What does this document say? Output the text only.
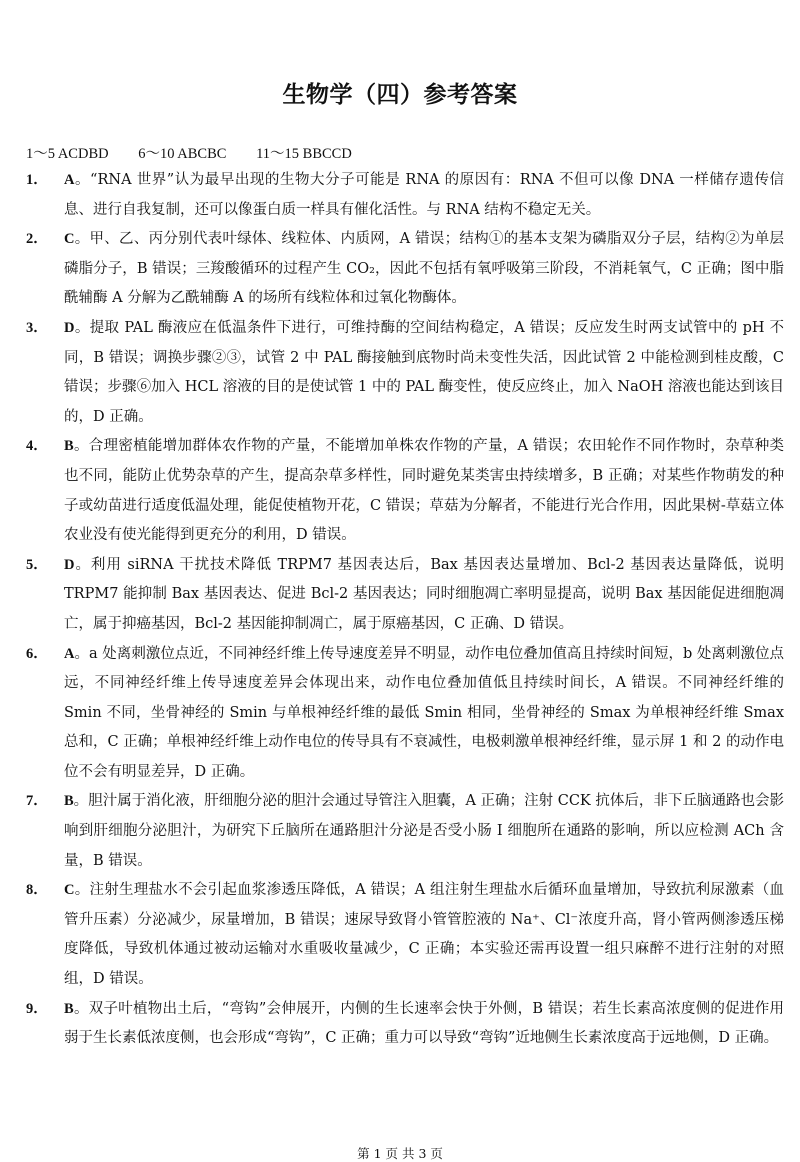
生物学（四）参考答案
1～5 ACDBD 6～10 ABCBC 11～15 BBCCD
1．	A。“RNA 世界”认为最早出现的生物大分子可能是 RNA 的原因有：RNA 不但可以像 DNA 一样储存遗传信息、进行自我复制，还可以像蛋白质一样具有催化活性。与 RNA 结构不稳定无关。
2．	C。甲、乙、丙分别代表叶绿体、线粒体、内质网，A 错误；结构①的基本支架为磷脂双分子层，结构②为单层磷脂分子，B 错误；三羧酸循环的过程产生 CO₂，因此不包括有氧呼吸第三阶段，不消耗氧气，C 正确；图中脂酰辅酶 A 分解为乙酰辅酶 A 的场所有线粒体和过氧化物酶体。
3．	D。提取 PAL 酶液应在低温条件下进行，可维持酶的空间结构稳定，A 错误；反应发生时两支试管中的 pH 不同，B 错误；调换步骤②③，试管 2 中 PAL 酶接触到底物时尚未变性失活，因此试管 2 中能检测到桂皮酸，C 错误；步骤⑥加入 HCL 溶液的目的是使试管 1 中的 PAL 酶变性，使反应终止，加入 NaOH 溶液也能达到该目的，D 正确。
4．	B。合理密植能增加群体农作物的产量，不能增加单株农作物的产量，A 错误；农田轮作不同作物时，杂草种类也不同，能防止优势杂草的产生，提高杂草多样性，同时避免某类害虫持续增多，B 正确；对某些作物萌发的种子或幼苗进行适度低温处理，能促使植物开花，C 错误；草菇为分解者，不能进行光合作用，因此果树-草菇立体农业没有使光能得到更充分的利用，D 错误。
5．	D。利用 siRNA 干扰技术降低 TRPM7 基因表达后，Bax 基因表达量增加、Bcl-2 基因表达量降低，说明 TRPM7 能抑制 Bax 基因表达、促进 Bcl-2 基因表达；同时细胞凋亡率明显提高，说明 Bax 基因能促进细胞凋亡，属于抑癌基因，Bcl-2 基因能抑制凋亡，属于原癌基因，C 正确、D 错误。
6．	A。a 处离刺激位点近，不同神经纤维上传导速度差异不明显，动作电位叠加值高且持续时间短，b 处离刺激位点远，不同神经纤维上传导速度差异会体现出来，动作电位叠加值低且持续时间长，A 错误。不同神经纤维的 Smin 不同，坐骨神经的 Smin 与单根神经纤维的最低 Smin 相同，坐骨神经的 Smax 为单根神经纤维 Smax 总和，C 正确；单根神经纤维上动作电位的传导具有不衰减性，电极刺激单根神经纤维，显示屏 1 和 2 的动作电位不会有明显差异，D 正确。
7．	B。胆汁属于消化液，肝细胞分泌的胆汁会通过导管注入胆囊，A 正确；注射 CCK 抗体后，非下丘脑通路也会影响到肝细胞分泌胆汁，为研究下丘脑所在通路胆汁分泌是否受小肠 I 细胞所在通路的影响，所以应检测 ACh 含量，B 错误。
8．	C。注射生理盐水不会引起血浆渗透压降低，A 错误；A 组注射生理盐水后循环血量增加，导致抗利尿激素（血管升压素）分泌减少，尿量增加，B 错误；速尿导致肾小管管腔液的 Na⁺、Cl⁻浓度升高，肾小管两侧渗透压梯度降低，导致机体通过被动运输对水重吸收量减少，C 正确；本实验还需再设置一组只麻醉不进行注射的对照组，D 错误。
9．	B。双子叶植物出土后，“弯钩”会伸展开，内侧的生长速率会快于外侧，B 错误；若生长素高浓度侧的促进作用弱于生长素低浓度侧，也会形成“弯钩”，C 正确；重力可以导致“弯钩”近地侧生长素浓度高于远地侧，D 正确。
第 1 页 共 3 页
